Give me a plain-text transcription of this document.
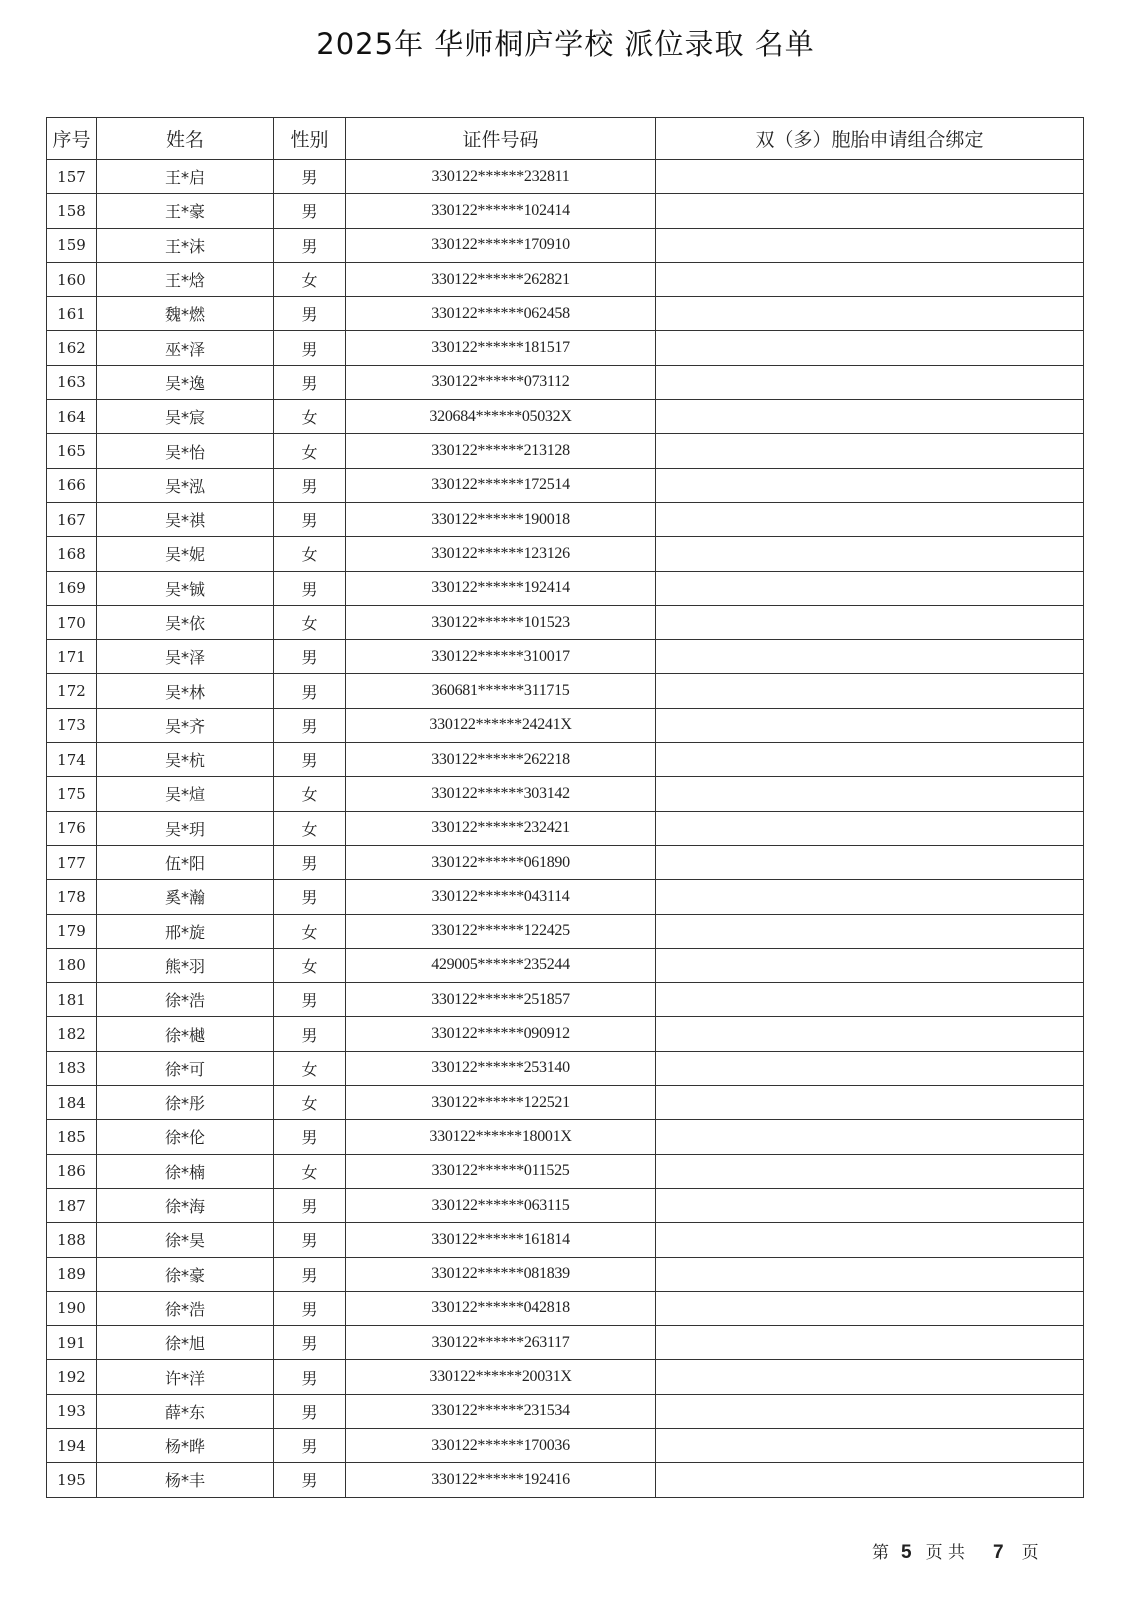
2025年 华师桐庐学校 派位录取 名单
序号	姓名	性别	证件号码	双（多）胞胎申请组合绑定
157	王*启	男	330122******232811	
158	王*豪	男	330122******102414	
159	王*沫	男	330122******170910	
160	王*焓	女	330122******262821	
161	魏*燃	男	330122******062458	
162	巫*泽	男	330122******181517	
163	吴*逸	男	330122******073112	
164	吴*宸	女	320684******05032X	
165	吴*怡	女	330122******213128	
166	吴*泓	男	330122******172514	
167	吴*祺	男	330122******190018	
168	吴*妮	女	330122******123126	
169	吴*铖	男	330122******192414	
170	吴*依	女	330122******101523	
171	吴*泽	男	330122******310017	
172	吴*林	男	360681******311715	
173	吴*齐	男	330122******24241X	
174	吴*杭	男	330122******262218	
175	吴*煊	女	330122******303142	
176	吴*玥	女	330122******232421	
177	伍*阳	男	330122******061890	
178	奚*瀚	男	330122******043114	
179	邢*旋	女	330122******122425	
180	熊*羽	女	429005******235244	
181	徐*浩	男	330122******251857	
182	徐*樾	男	330122******090912	
183	徐*可	女	330122******253140	
184	徐*彤	女	330122******122521	
185	徐*伦	男	330122******18001X	
186	徐*楠	女	330122******011525	
187	徐*海	男	330122******063115	
188	徐*昊	男	330122******161814	
189	徐*豪	男	330122******081839	
190	徐*浩	男	330122******042818	
191	徐*旭	男	330122******263117	
192	许*洋	男	330122******20031X	
193	薛*东	男	330122******231534	
194	杨*晔	男	330122******170036	
195	杨*丰	男	330122******192416	
第 5 页 共 7 页
